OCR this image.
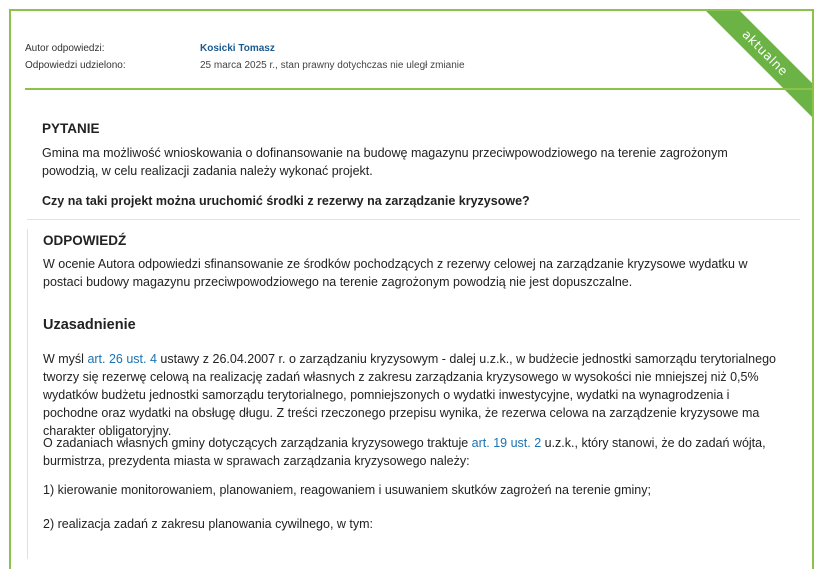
aktualne
Autor odpowiedzi:	Kosicki Tomasz
Odpowiedzi udzielono:	25 marca 2025 r., stan prawny dotychczas nie uległ zmianie
PYTANIE

Gmina ma możliwość wnioskowania o dofinansowanie na budowę magazynu przeciwpowodziowego na terenie zagrożonym powodzią, w celu realizacji zadania należy wykonać projekt.

Czy na taki projekt można uruchomić środki z rezerwy na zarządzanie kryzysowe?

ODPOWIEDŹ

W ocenie Autora odpowiedzi sfinansowanie ze środków pochodzących z rezerwy celowej na zarządzanie kryzysowe wydatku w postaci budowy magazynu przeciwpowodziowego na terenie zagrożonym powodzią nie jest dopuszczalne.

Uzasadnienie

W myśl art. 26 ust. 4 ustawy z 26.04.2007 r. o zarządzaniu kryzysowym - dalej u.z.k., w budżecie jednostki samorządu terytorialnego tworzy się rezerwę celową na realizację zadań własnych z zakresu zarządzania kryzysowego w wysokości nie mniejszej niż 0,5% wydatków budżetu jednostki samorządu terytorialnego, pomniejszonych o wydatki inwestycyjne, wydatki na wynagrodzenia i pochodne oraz wydatki na obsługę długu. Z treści rzeczonego przepisu wynika, że rezerwa celowa na zarządzenie kryzysowe ma charakter obligatoryjny.

O zadaniach własnych gminy dotyczących zarządzania kryzysowego traktuje art. 19 ust. 2 u.z.k., który stanowi, że do zadań wójta, burmistrza, prezydenta miasta w sprawach zarządzania kryzysowego należy:

1) kierowanie monitorowaniem, planowaniem, reagowaniem i usuwaniem skutków zagrożeń na terenie gminy;

2) realizacja zadań z zakresu planowania cywilnego, w tym:
